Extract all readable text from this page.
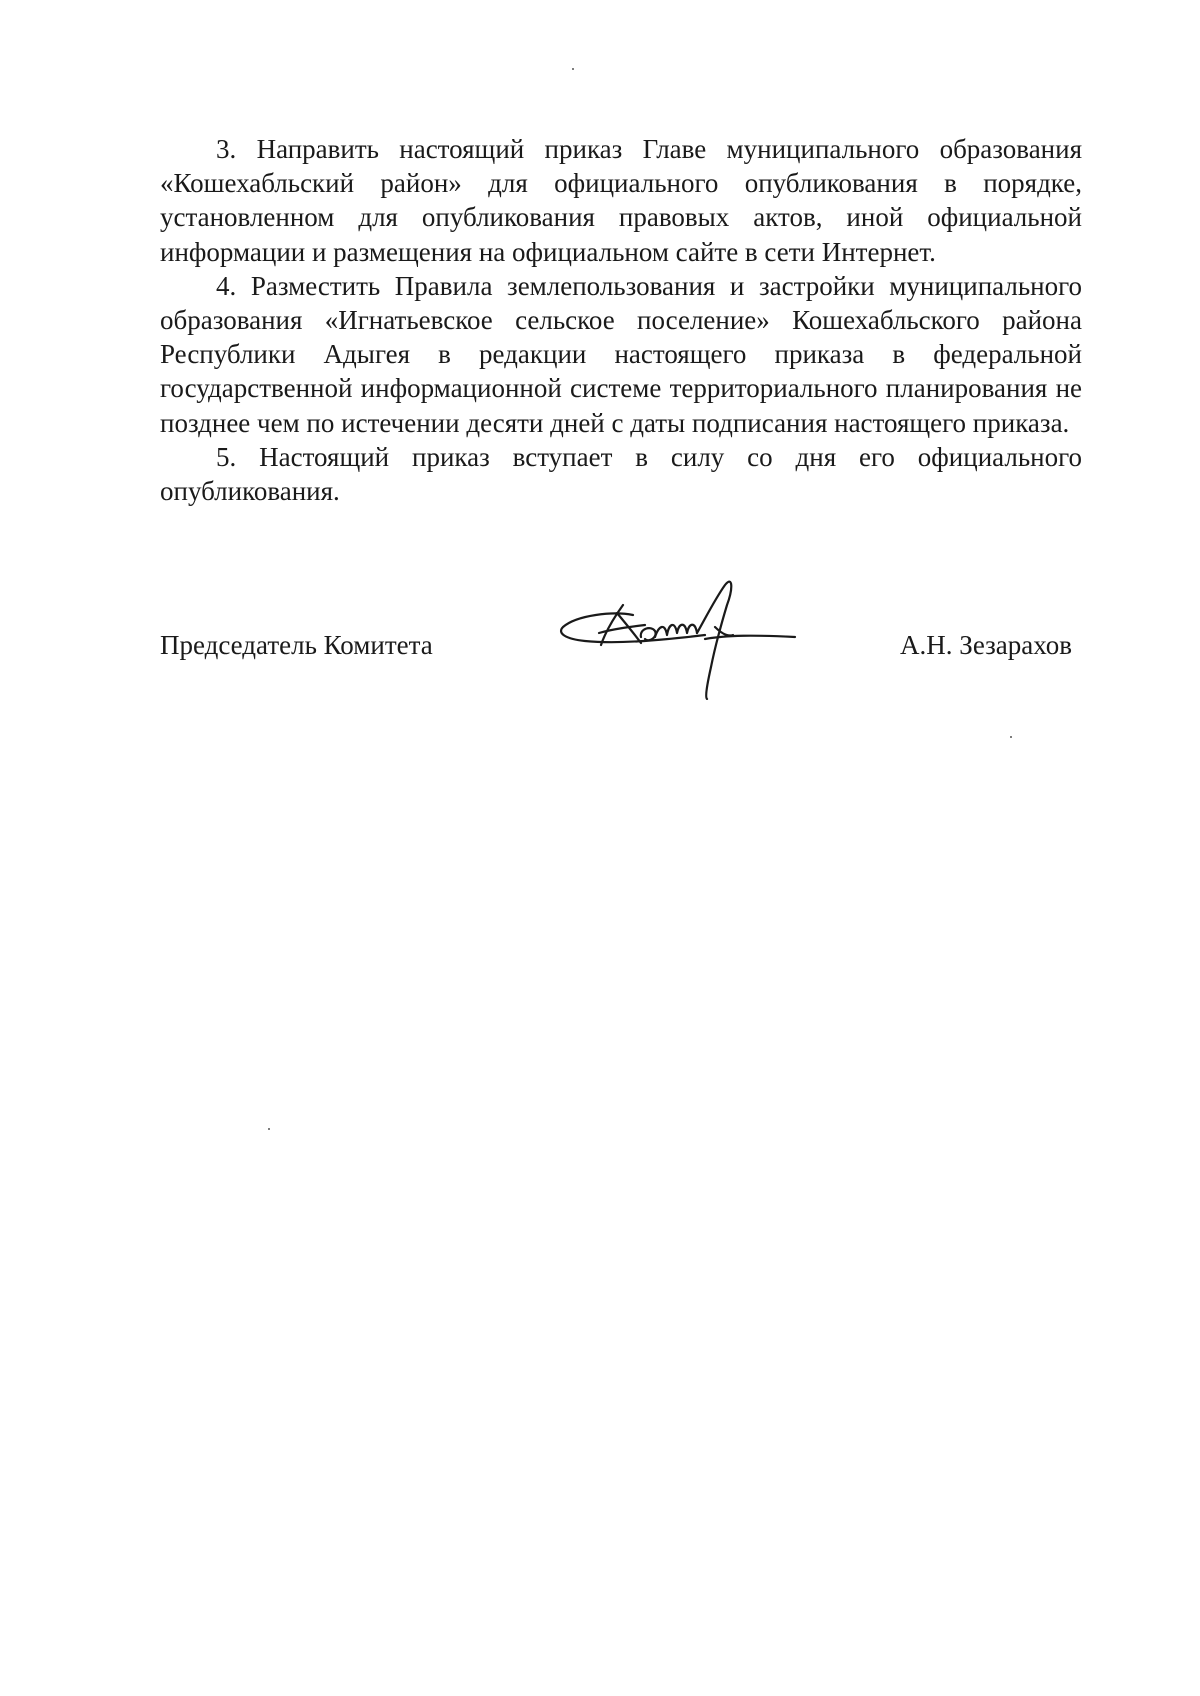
3. Направить настоящий приказ Главе муниципального образования «Кошехабльский район» для официального опубликования в порядке, установленном для опубликования правовых актов, иной официальной информации и размещения на официальном сайте в сети Интернет.

4. Разместить Правила землепользования и застройки муниципального образования «Игнатьевское сельское поселение» Кошехабльского района Республики Адыгея в редакции настоящего приказа в федеральной государственной информационной системе территориального планирования не позднее чем по истечении десяти дней с даты подписания настоящего приказа.

5. Настоящий приказ вступает в силу со дня его официального опубликования.

Председатель Комитета	А.Н. Зезарахов
